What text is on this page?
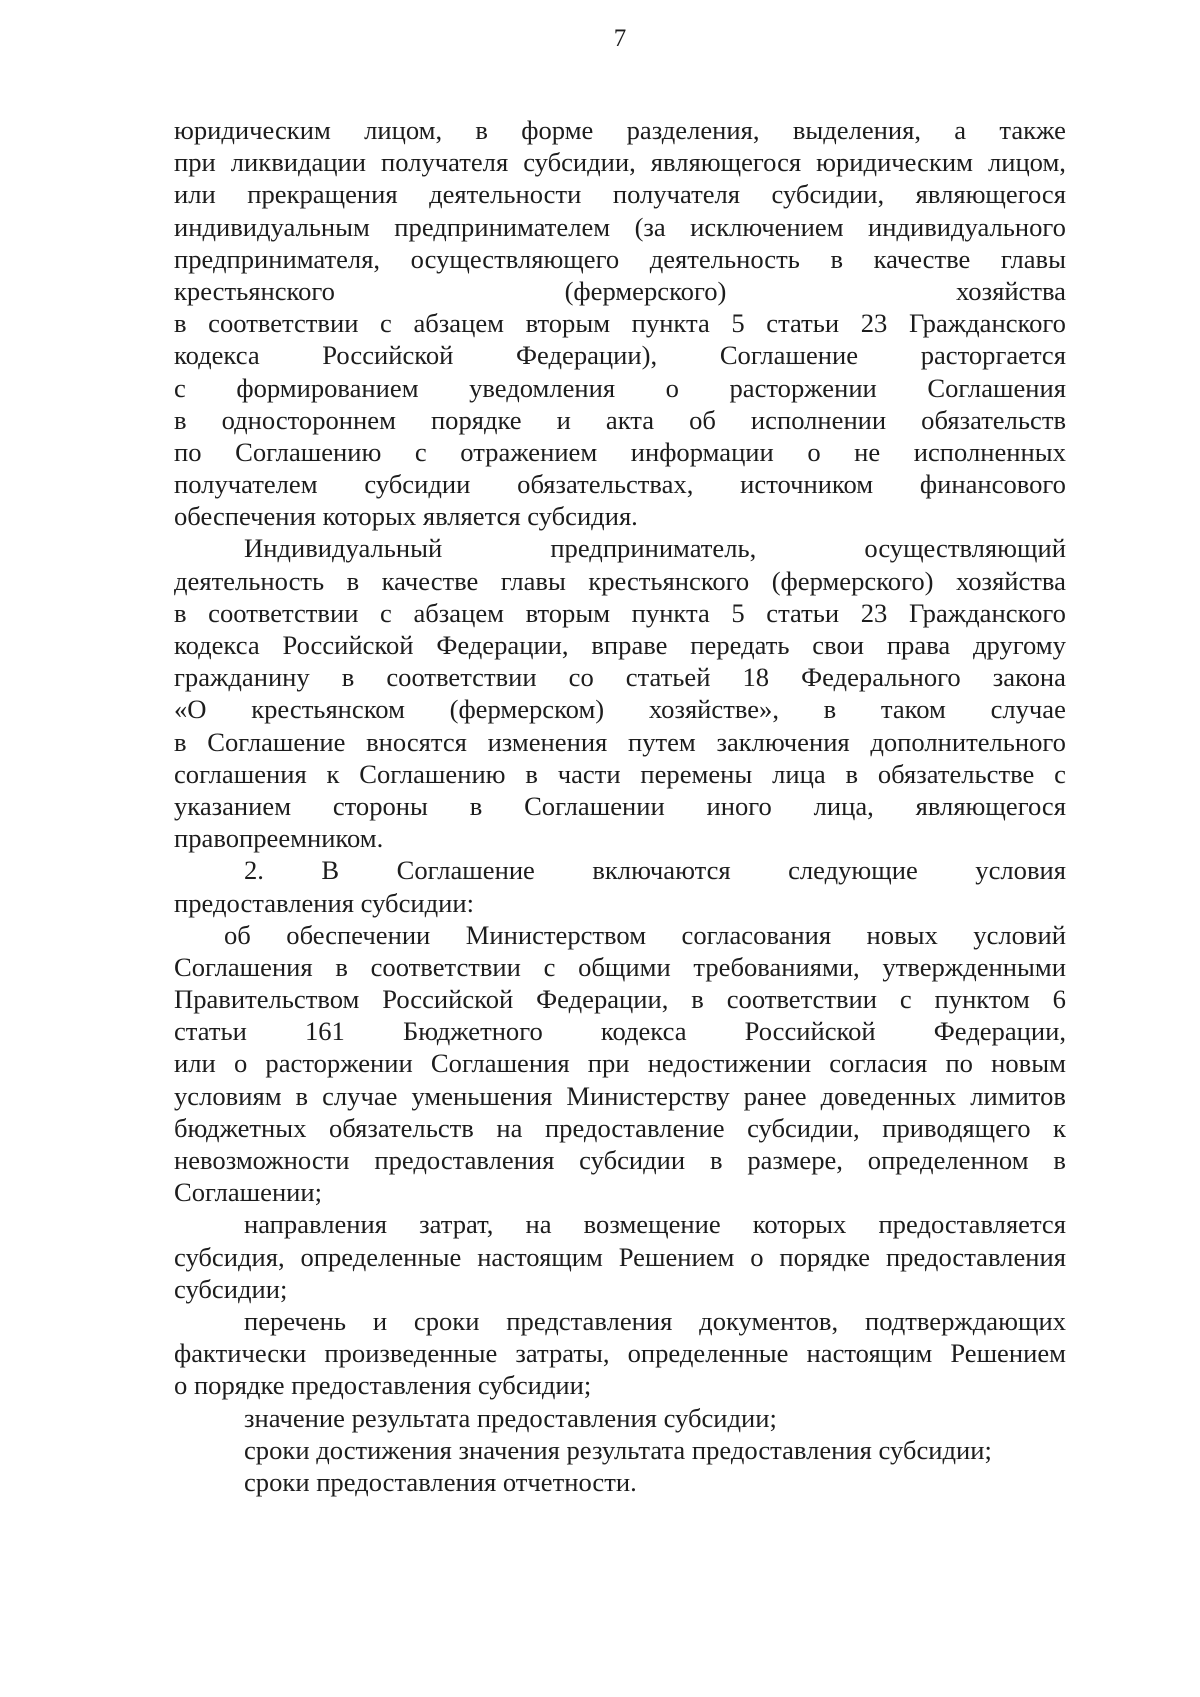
7
юридическим лицом, в форме разделения, выделения, а также
при ликвидации получателя субсидии, являющегося юридическим лицом,
или прекращения деятельности получателя субсидии, являющегося
индивидуальным предпринимателем (за исключением индивидуального
предпринимателя, осуществляющего деятельность в качестве главы
крестьянского	(фермерского)	хозяйства
в соответствии с абзацем вторым пункта 5 статьи 23 Гражданского
кодекса Российской Федерации), Соглашение расторгается
с формированием уведомления о расторжении Соглашения
в одностороннем порядке и акта об исполнении обязательств
по Соглашению с отражением информации о не исполненных
получателем субсидии обязательствах, источником финансового
обеспечения которых является субсидия.
Индивидуальный	предприниматель,	осуществляющий
деятельность в качестве главы крестьянского (фермерского) хозяйства
в соответствии с абзацем вторым пункта 5 статьи 23 Гражданского
кодекса Российской Федерации, вправе передать свои права другому
гражданину в соответствии со статьей 18 Федерального закона
«О крестьянском (фермерском) хозяйстве», в таком случае
в Соглашение вносятся изменения путем заключения дополнительного
соглашения к Соглашению в части перемены лица в обязательстве с
указанием стороны в Соглашении иного лица, являющегося
правопреемником.
2. В Соглашение включаются следующие условия
предоставления субсидии:
об обеспечении Министерством согласования новых условий
Соглашения в соответствии с общими требованиями, утвержденными
Правительством Российской Федерации, в соответствии с пунктом 6
статьи 161 Бюджетного кодекса Российской Федерации,
или о расторжении Соглашения при недостижении согласия по новым
условиям в случае уменьшения Министерству ранее доведенных лимитов
бюджетных обязательств на предоставление субсидии, приводящего к
невозможности предоставления субсидии в размере, определенном в
Соглашении;
направления затрат, на возмещение которых предоставляется
субсидия, определенные настоящим Решением о порядке предоставления
субсидии;
перечень и сроки представления документов, подтверждающих
фактически произведенные затраты, определенные настоящим Решением
о порядке предоставления субсидии;
значение результата предоставления субсидии;
сроки достижения значения результата предоставления субсидии;
сроки предоставления отчетности.
